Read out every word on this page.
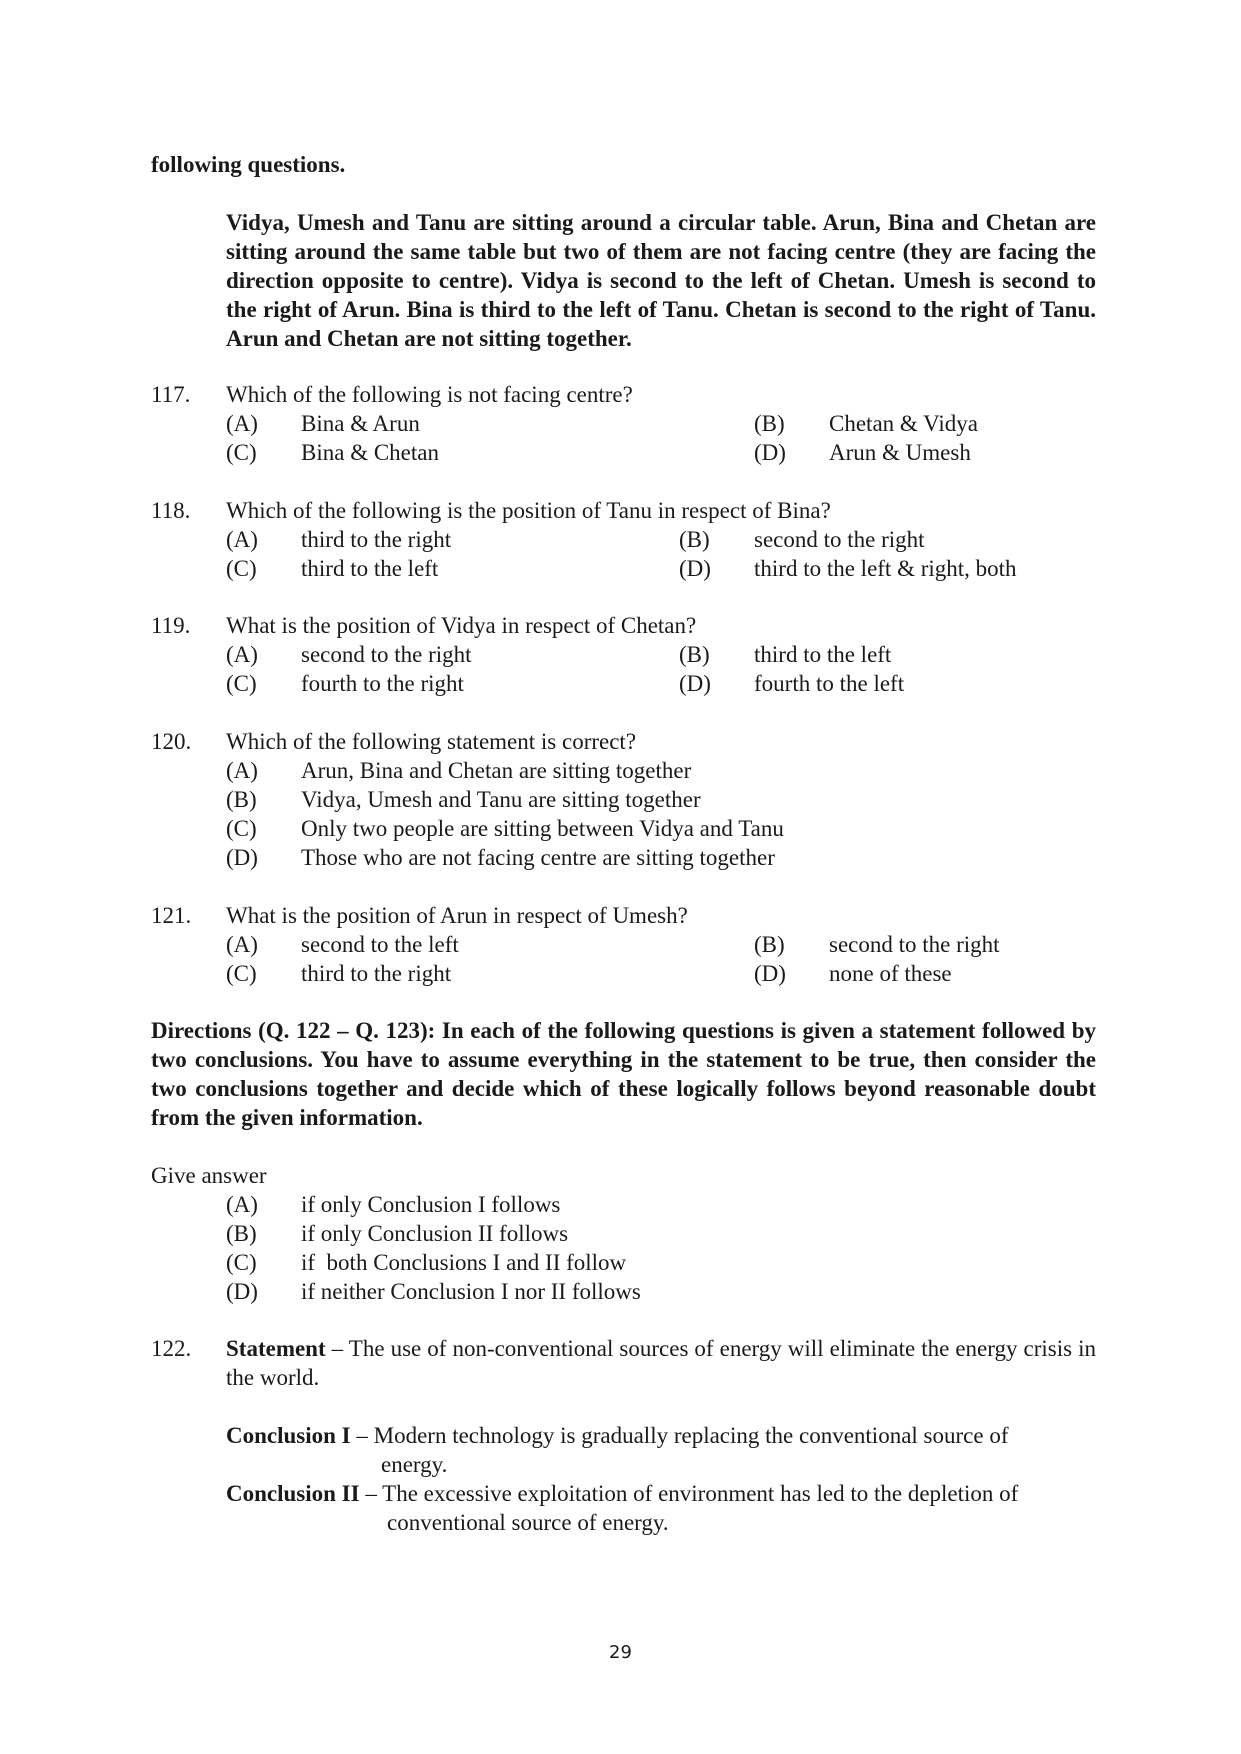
following questions.
Vidya, Umesh and Tanu are sitting around a circular table. Arun, Bina and Chetan are sitting around the same table but two of them are not facing centre (they are facing the direction opposite to centre). Vidya is second to the left of Chetan. Umesh is second to the right of Arun. Bina is third to the left of Tanu. Chetan is second to the right of Tanu. Arun and Chetan are not sitting together.
117. Which of the following is not facing centre?
(A) Bina & Arun	(B) Chetan & Vidya
(C) Bina & Chetan	(D) Arun & Umesh
118. Which of the following is the position of Tanu in respect of Bina?
(A) third to the right	(B) second to the right
(C) third to the left	(D) third to the left & right, both
119. What is the position of Vidya in respect of Chetan?
(A) second to the right	(B) third to the left
(C) fourth to the right	(D) fourth to the left
120. Which of the following statement is correct?
(A) Arun, Bina and Chetan are sitting together
(B) Vidya, Umesh and Tanu are sitting together
(C) Only two people are sitting between Vidya and Tanu
(D) Those who are not facing centre are sitting together
121. What is the position of Arun in respect of Umesh?
(A) second to the left	(B) second to the right
(C) third to the right	(D) none of these
Directions (Q. 122 – Q. 123): In each of the following questions is given a statement followed by two conclusions. You have to assume everything in the statement to be true, then consider the two conclusions together and decide which of these logically follows beyond reasonable doubt from the given information.
Give answer
(A) if only Conclusion I follows
(B) if only Conclusion II follows
(C) if  both Conclusions I and II follow
(D) if neither Conclusion I nor II follows
122. Statement – The use of non-conventional sources of energy will eliminate the energy crisis in the world.
Conclusion I – Modern technology is gradually replacing the conventional source of
energy.
Conclusion II – The excessive exploitation of environment has led to the depletion of
conventional source of energy.
29
